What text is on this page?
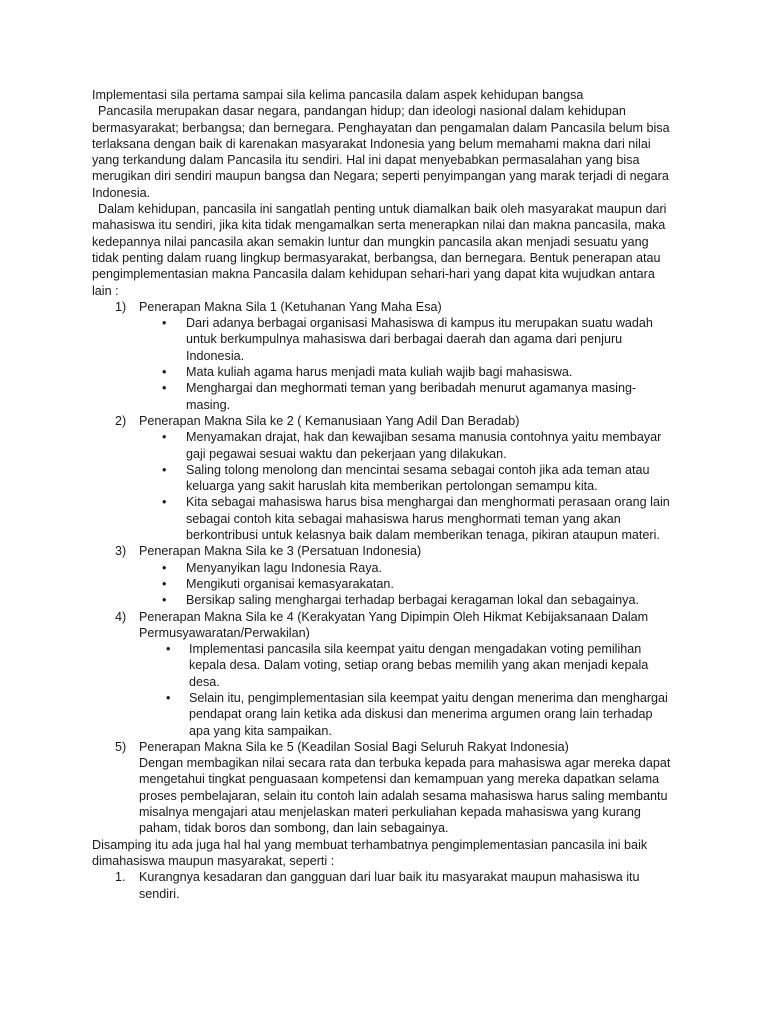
Implementasi sila pertama sampai sila kelima pancasila dalam aspek kehidupan bangsa

Pancasila merupakan dasar negara, pandangan hidup; dan ideologi nasional dalam kehidupan bermasyarakat; berbangsa; dan bernegara. Penghayatan dan pengamalan dalam Pancasila belum bisa terlaksana dengan baik di karenakan masyarakat Indonesia yang belum memahami makna dari nilai yang terkandung dalam Pancasila itu sendiri. Hal ini dapat menyebabkan permasalahan yang bisa merugikan diri sendiri maupun bangsa dan Negara; seperti penyimpangan yang marak terjadi di negara Indonesia.

Dalam kehidupan, pancasila ini sangatlah penting untuk diamalkan baik oleh masyarakat maupun dari mahasiswa itu sendiri, jika kita tidak mengamalkan serta menerapkan nilai dan makna pancasila, maka kedepannya nilai pancasila akan semakin luntur dan mungkin pancasila akan menjadi sesuatu yang tidak penting dalam ruang lingkup bermasyarakat, berbangsa, dan bernegara. Bentuk penerapan atau pengimplementasian makna Pancasila dalam kehidupan sehari-hari yang dapat kita wujudkan antara lain :

1) Penerapan Makna Sila 1 (Ketuhanan Yang Maha Esa)
• Dari adanya berbagai organisasi Mahasiswa di kampus itu merupakan suatu wadah untuk berkumpulnya mahasiswa dari berbagai daerah dan agama dari penjuru Indonesia.
• Mata kuliah agama harus menjadi mata kuliah wajib bagi mahasiswa.
• Menghargai dan meghormati teman yang beribadah menurut agamanya masing-masing.
2) Penerapan Makna Sila ke 2 ( Kemanusiaan Yang Adil Dan Beradab)
• Menyamakan drajat, hak dan kewajiban sesama manusia contohnya yaitu membayar gaji pegawai sesuai waktu dan pekerjaan yang dilakukan.
• Saling tolong menolong dan mencintai sesama sebagai contoh jika ada teman atau keluarga yang sakit haruslah kita memberikan pertolongan semampu kita.
• Kita sebagai mahasiswa harus bisa menghargai dan menghormati perasaan orang lain sebagai contoh kita sebagai mahasiswa harus menghormati teman yang akan berkontribusi untuk kelasnya baik dalam memberikan tenaga, pikiran ataupun materi.
3) Penerapan Makna Sila ke 3 (Persatuan Indonesia)
• Menyanyikan lagu Indonesia Raya.
• Mengikuti organisai kemasyarakatan.
• Bersikap saling menghargai terhadap berbagai keragaman lokal dan sebagainya.
4) Penerapan Makna Sila ke 4 (Kerakyatan Yang Dipimpin Oleh Hikmat Kebijaksanaan Dalam Permusyawaratan/Perwakilan)
• Implementasi pancasila sila keempat yaitu dengan mengadakan voting pemilihan kepala desa. Dalam voting, setiap orang bebas memilih yang akan menjadi kepala desa.
• Selain itu, pengimplementasian sila keempat yaitu dengan menerima dan menghargai pendapat orang lain ketika ada diskusi dan menerima argumen orang lain terhadap apa yang kita sampaikan.
5) Penerapan Makna Sila ke 5 (Keadilan Sosial Bagi Seluruh Rakyat Indonesia)

Dengan membagikan nilai secara rata dan terbuka kepada para mahasiswa agar mereka dapat mengetahui tingkat penguasaan kompetensi dan kemampuan yang mereka dapatkan selama proses pembelajaran, selain itu contoh lain adalah sesama mahasiswa harus saling membantu misalnya mengajari atau menjelaskan materi perkuliahan kepada mahasiswa yang kurang paham, tidak boros dan sombong, dan lain sebagainya.

Disamping itu ada juga hal hal yang membuat terhambatnya pengimplementasian pancasila ini baik dimahasiswa maupun masyarakat, seperti :

1. Kurangnya kesadaran dan gangguan dari luar baik itu masyarakat maupun mahasiswa itu sendiri.
